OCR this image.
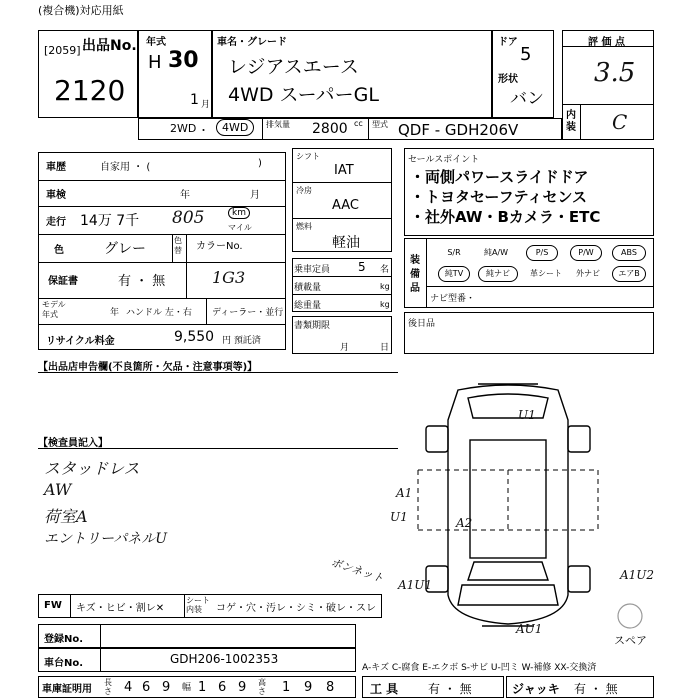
(複合機)対応用紙
出品No.
[2059]
2120
年式
H 30
1 月
車名・グレード
レジアスエース
4WD スーパーGL
ドア
5
形状
バン
評 価 点
3.5
内装 C
2WD ・	4WD	排気量 2800 cc 型式 QDF - GDH206V
車歴	自家用 ・ (	)
車検	年	月
走行 14万 7千 805	km
マイル
色	グレー
色替 カラーNo.
1G3
保証書	有 ・ 無
モデル年式	年 ハンドル 左・右 ディーラー・並行
リサイクル料金	9,550 円 預託済
シフト
IAT
冷房
AAC
燃料
軽油
乗車定員 5 名
積載量	kg
総重量	kg
書類期限
月	日
セールスポイント
・両側パワースライドドア
・トヨタセーフティセンス
・社外AW・Bカメラ・ETC
装備品
S/R	純A/W	P/S	P/W	ABS
純TV	純ナビ	革シート	外ナビ	エアB
ナビ型番・
後日品
【出品店申告欄(不良箇所・欠品・注意事項等)】
【検査員記入】
スタッドレス
AW
荷室A
エントリーパネルU
U1
A1
U1	A2
ボンネット A1U1
A1U2
AU1
スペア
FW キズ・ヒビ・割レ✕
シート内装	コゲ・穴・汚レ・シミ・破レ・スレ
登録No.
車台No.	GDH206-1002353
A-キズ C-腐食 E-エクボ S-サビ U-凹ミ W-補修 XX-交換済
車庫証明用
長さ 4 6 9 幅 1 6 9 高さ 1 9 8	工 具 有 ・ 無	ジャッキ 有 ・ 無
